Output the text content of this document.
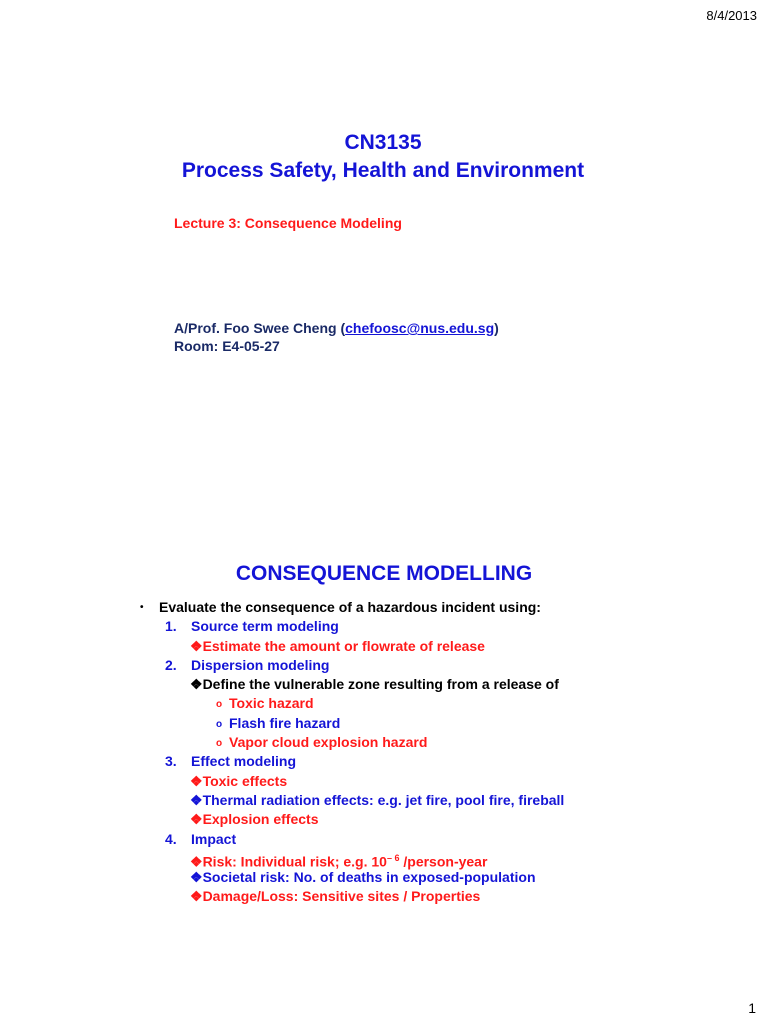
8/4/2013
CN3135
Process Safety, Health and Environment
Lecture 3: Consequence Modeling
A/Prof. Foo Swee Cheng (chefoosc@nus.edu.sg)
Room: E4-05-27
CONSEQUENCE MODELLING
• Evaluate the consequence of a hazardous incident using:
1. Source term modeling
❖Estimate the amount or flowrate of release
2. Dispersion modeling
❖Define the vulnerable zone resulting from a release of
o Toxic hazard
o Flash fire hazard
o Vapor cloud explosion hazard
3. Effect modeling
❖Toxic effects
❖Thermal radiation effects: e.g. jet fire, pool fire, fireball
❖Explosion effects
4. Impact
❖Risk: Individual risk; e.g. $10^{- 6}$ /person-year
❖Societal risk: No. of deaths in exposed-population
❖Damage/Loss: Sensitive sites / Properties
1
